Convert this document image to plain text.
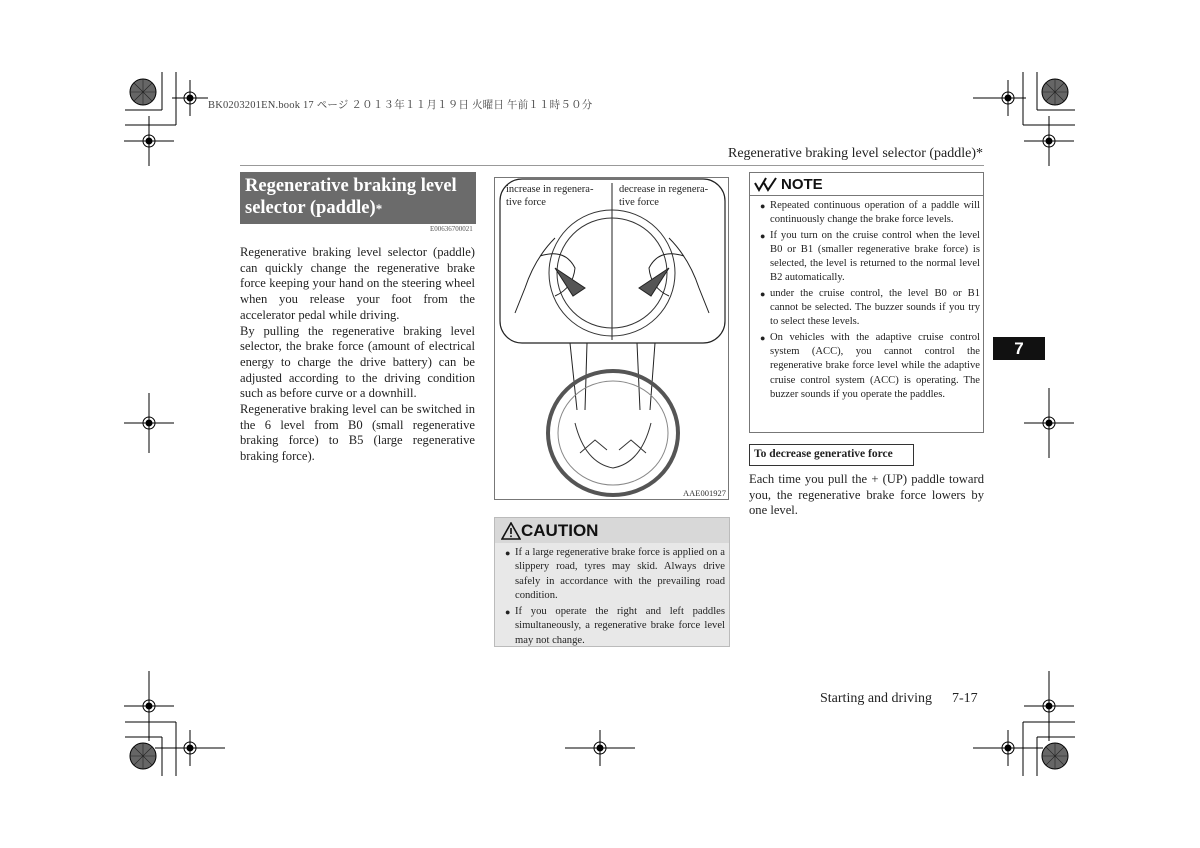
BK0203201EN.book 17 ページ ２０１３年１１月１９日 火曜日 午前１１時５０分
Regenerative braking level selector (paddle)*
Regenerative braking level selector (paddle)*
E00636700021

Regenerative braking level selector (paddle) can quickly change the regenerative brake force keeping your hand on the steering wheel when you release your foot from the accelerator pedal while driving.

By pulling the regenerative braking level selector, the brake force (amount of electrical energy to charge the drive battery) can be adjusted according to the driving condition such as before curve or a downhill.

Regenerative braking level can be switched in the 6 level from B0 (small regenerative braking force) to B5 (large regenerative braking force).

increase in regenera-tive force
decrease in regenera-tive force
AAE001927
CAUTION
● If a large regenerative brake force is applied on a slippery road, tyres may skid. Always drive safely in accordance with the prevailing road condition.
● If you operate the right and left paddles simultaneously, a regenerative brake force level may not change.
NOTE
● Repeated continuous operation of a paddle will continuously change the brake force levels.
● If you turn on the cruise control when the level B0 or B1 (smaller regenerative brake force) is selected, the level is returned to the normal level B2 automatically.
● under the cruise control, the level B0 or B1 cannot be selected. The buzzer sounds if you try to select these levels.
● On vehicles with the adaptive cruise control system (ACC), you cannot control the regenerative brake force level while the adaptive cruise control system (ACC) is operating. The buzzer sounds if you operate the paddles.
To decrease generative force

Each time you pull the + (UP) paddle toward you, the regenerative brake force lowers by one level.

7
Starting and driving 7-17
